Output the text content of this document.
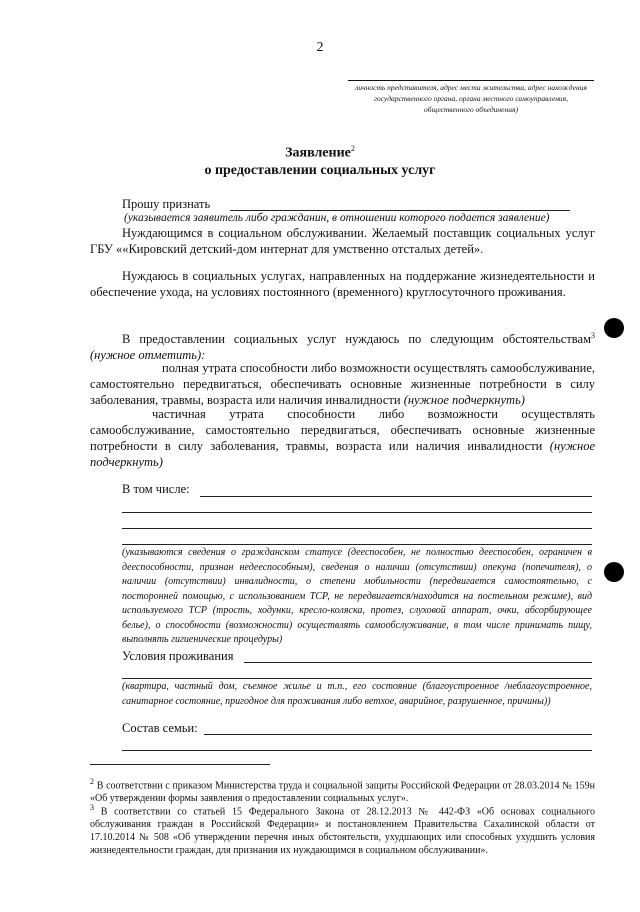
2
личность представителя, адрес места жительства, адрес нахождения государственного органа, органа местного самоуправления, общественного объединения)
Заявление$^2$
о предоставлении социальных услуг
Прошу признать
(указывается заявитель либо гражданин, в отношении которого подается заявление)
Нуждающимся в социальном обслуживании. Желаемый поставщик социальных услуг ГБУ ««Кировский детский-дом интернат для умственно отсталых детей».
Нуждаюсь в социальных услугах, направленных на поддержание жизнедеятельности и обеспечение ухода, на условиях постоянного (временного) круглосуточного проживания.
В предоставлении социальных услуг нуждаюсь по следующим обстоятельствам$^3$ (нужное отметить):
полная утрата способности либо возможности осуществлять самообслуживание, самостоятельно передвигаться, обеспечивать основные жизненные потребности в силу заболевания, травмы, возраста или наличия инвалидности (нужное подчеркнуть)
частичная утрата способности либо возможности осуществлять самообслуживание, самостоятельно передвигаться, обеспечивать основные жизненные потребности в силу заболевания, травмы, возраста или наличия инвалидности (нужное подчеркнуть)
В том числе:
(указываются сведения о гражданском статусе (дееспособен, не полностью дееспособен, ограничен в дееспособности, признан недееспособным), сведения о наличии (отсутствии) опекуна (попечителя), о наличии (отсутствии) инвалидности, о степени мобильности (передвигается самостоятельно, с посторонней помощью, с использованием ТСР, не передвигается/находится на постельном режиме), вид используемого ТСР (трость, ходунки, кресло-коляска, протез, слуховой аппарат, очки, абсорбирующее белье), о способности (возможности) осуществлять самообслуживание, в том числе принимать пищу, выполнять гигиенические процедуры)
Условия проживания
(квартира, частный дом, съемное жилье и т.п., его состояние (благоустроенное /неблагоустроенное, санитарное состояние, пригодное для проживания либо ветхое, аварийное, разрушенное, причины))
Состав семьи:
$^2$ В соответствии с приказом Министерства труда и социальной защиты Российской Федерации от 28.03.2014 № 159н «Об утверждении формы заявления о предоставлении социальных услуг».
$^3$ В соответствии со статьей 15 Федерального Закона от 28.12.2013 № 442-ФЗ «Об основах социального обслуживания граждан в Российской Федерации» и постановлением Правительства Сахалинской области от 17.10.2014 № 508 «Об утверждении перечня иных обстоятельств, ухудшающих или способных ухудшить условия жизнедеятельности граждан, для признания их нуждающимся в социальном обслуживании».
